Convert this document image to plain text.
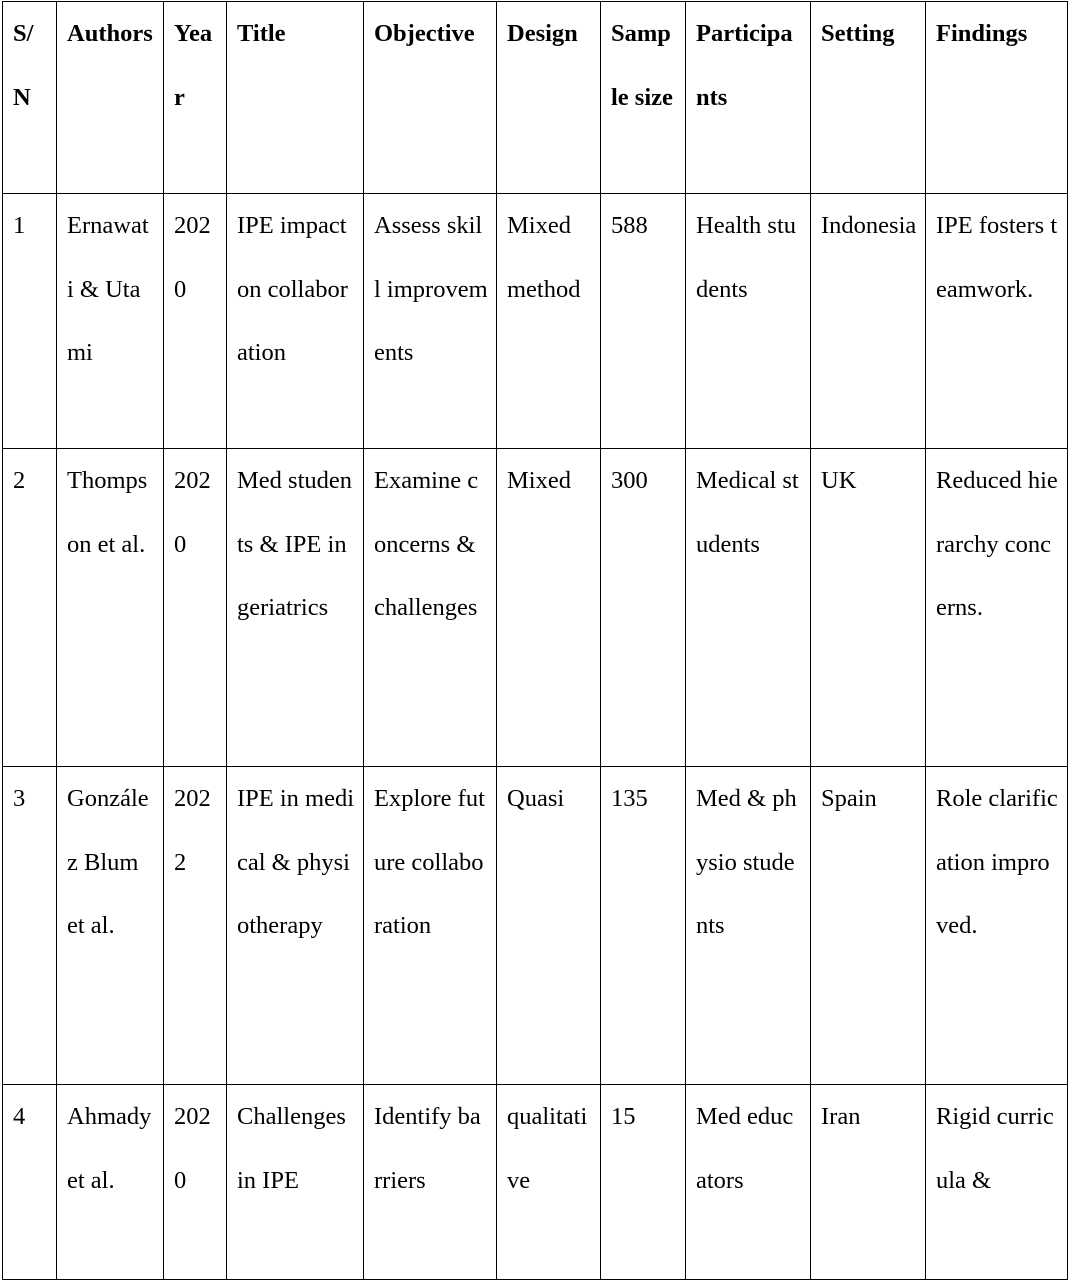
S/N	Authors	Year	Title	Objective	Design	Sample size	Participants	Setting	Findings
1	Ernawati & Utami	2020	IPE impact on collaboration	Assess skill improvements	Mixed method	588	Health students	Indonesia	IPE fosters teamwork.
2	Thompson et al.	2020	Med students & IPE in geriatrics	Examine concerns & challenges	Mixed	300	Medical students	UK	Reduced hierarchy concerns.
3	González Blum et al.	2022	IPE in medical & physiotherapy	Explore future collaboration	Quasi	135	Med & physio students	Spain	Role clarification improved.
4	Ahmady et al.	2020	Challenges in IPE	Identify barriers	qualitative	15	Med educators	Iran	Rigid curricula &
